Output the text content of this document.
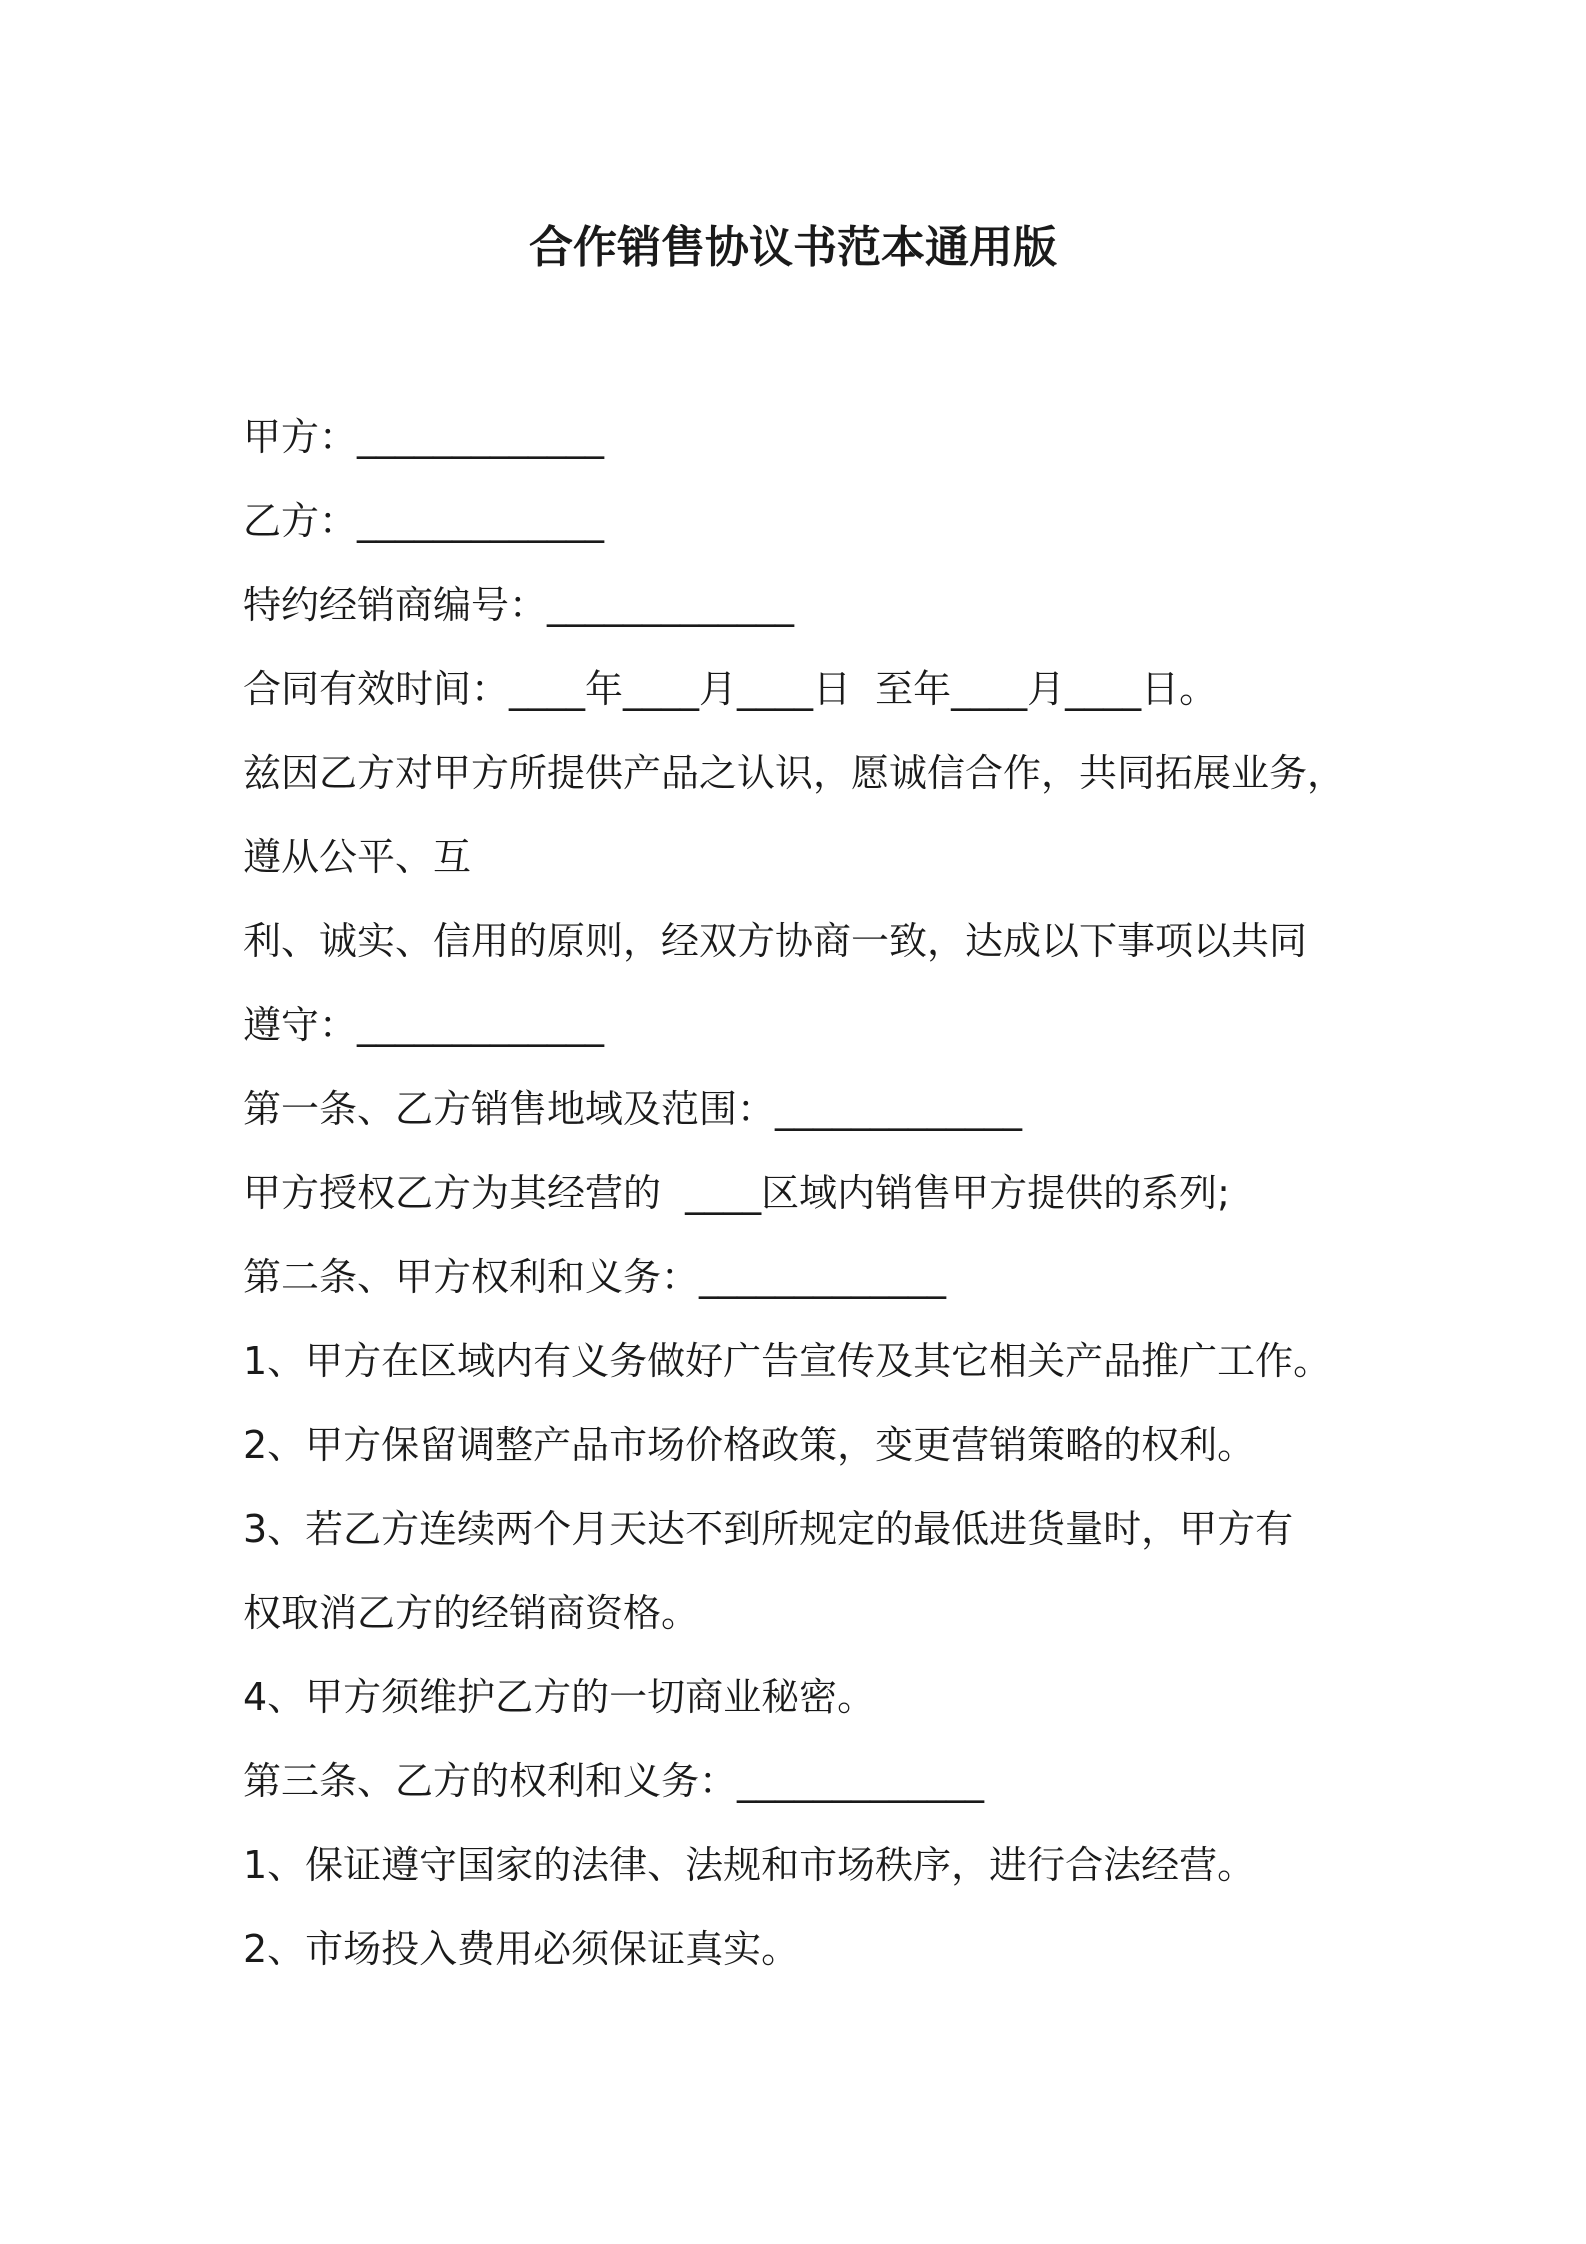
合作销售协议书范本通用版
甲方：_____________
乙方：_____________
特约经销商编号：_____________
合同有效时间：____年____月____日  至年____月____日。
兹因乙方对甲方所提供产品之认识，愿诚信合作，共同拓展业务，
遵从公平、互
利、诚实、信用的原则，经双方协商一致，达成以下事项以共同
遵守：_____________
第一条、乙方销售地域及范围：_____________
甲方授权乙方为其经营的  ____区域内销售甲方提供的系列;
第二条、甲方权利和义务：_____________
1、甲方在区域内有义务做好广告宣传及其它相关产品推广工作。
2、甲方保留调整产品市场价格政策，变更营销策略的权利。
3、若乙方连续两个月天达不到所规定的最低进货量时，甲方有
权取消乙方的经销商资格。
4、甲方须维护乙方的一切商业秘密。
第三条、乙方的权利和义务：_____________
1、保证遵守国家的法律、法规和市场秩序，进行合法经营。
2、市场投入费用必须保证真实。
